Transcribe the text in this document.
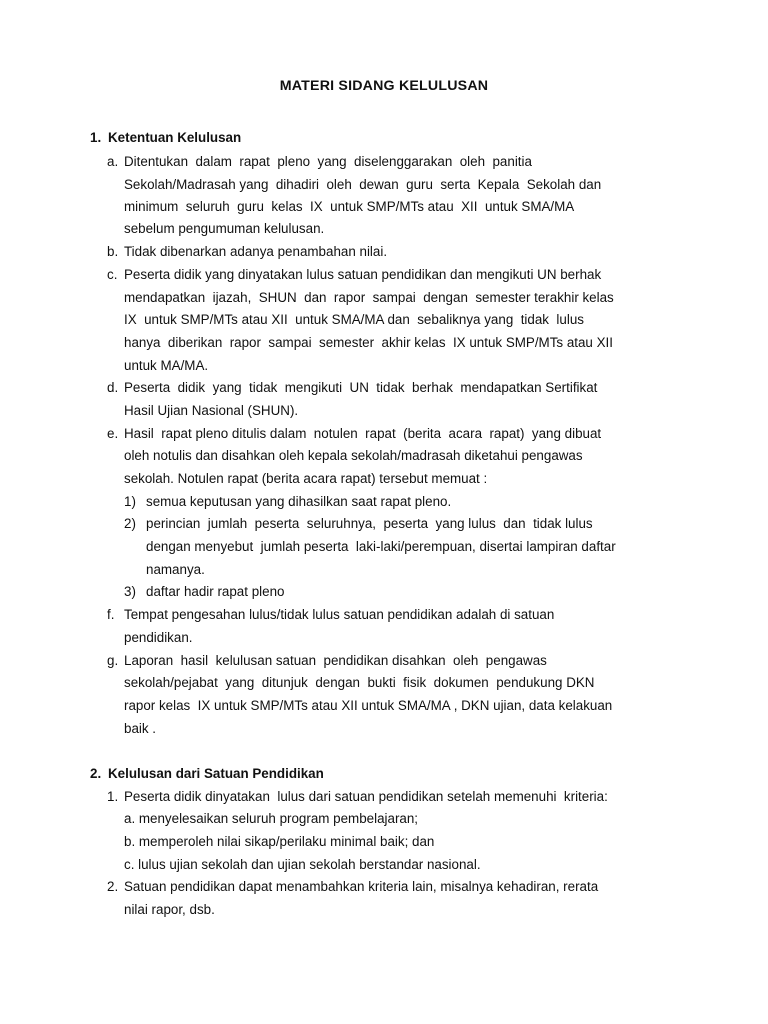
MATERI SIDANG KELULUSAN
1. Ketentuan Kelulusan
a. Ditentukan  dalam  rapat  pleno  yang  diselenggarakan  oleh  panitia
Sekolah/Madrasah yang  dihadiri  oleh  dewan  guru  serta  Kepala  Sekolah dan
minimum  seluruh  guru  kelas  IX  untuk SMP/MTs atau  XII  untuk SMA/MA
sebelum pengumuman kelulusan.
b. Tidak dibenarkan adanya penambahan nilai.
c. Peserta didik yang dinyatakan lulus satuan pendidikan dan mengikuti UN berhak
mendapatkan  ijazah,  SHUN  dan  rapor  sampai  dengan  semester terakhir kelas
IX  untuk SMP/MTs atau XII  untuk SMA/MA dan  sebaliknya yang  tidak  lulus
hanya  diberikan  rapor  sampai  semester  akhir kelas  IX untuk SMP/MTs atau XII
untuk MA/MA.
d. Peserta  didik  yang  tidak  mengikuti  UN  tidak  berhak  mendapatkan Sertifikat
Hasil Ujian Nasional (SHUN).
e. Hasil  rapat pleno ditulis dalam  notulen  rapat  (berita  acara  rapat)  yang dibuat
oleh notulis dan disahkan oleh kepala sekolah/madrasah diketahui pengawas
sekolah. Notulen rapat (berita acara rapat) tersebut memuat :
1) semua keputusan yang dihasilkan saat rapat pleno.
2) perincian  jumlah  peserta  seluruhnya,  peserta  yang lulus  dan  tidak lulus
dengan menyebut  jumlah peserta  laki-laki/perempuan, disertai lampiran daftar
namanya.
3) daftar hadir rapat pleno
f. Tempat pengesahan lulus/tidak lulus satuan pendidikan adalah di satuan
pendidikan.
g. Laporan  hasil  kelulusan satuan  pendidikan disahkan  oleh  pengawas
sekolah/pejabat  yang  ditunjuk  dengan  bukti  fisik  dokumen  pendukung DKN
rapor kelas  IX untuk SMP/MTs atau XII untuk SMA/MA , DKN ujian, data kelakuan
baik .
2. Kelulusan dari Satuan Pendidikan
1. Peserta didik dinyatakan  lulus dari satuan pendidikan setelah memenuhi  kriteria:
a. menyelesaikan seluruh program pembelajaran;
b. memperoleh nilai sikap/perilaku minimal baik; dan
c. lulus ujian sekolah dan ujian sekolah berstandar nasional.
2. Satuan pendidikan dapat menambahkan kriteria lain, misalnya kehadiran, rerata
nilai rapor, dsb.
